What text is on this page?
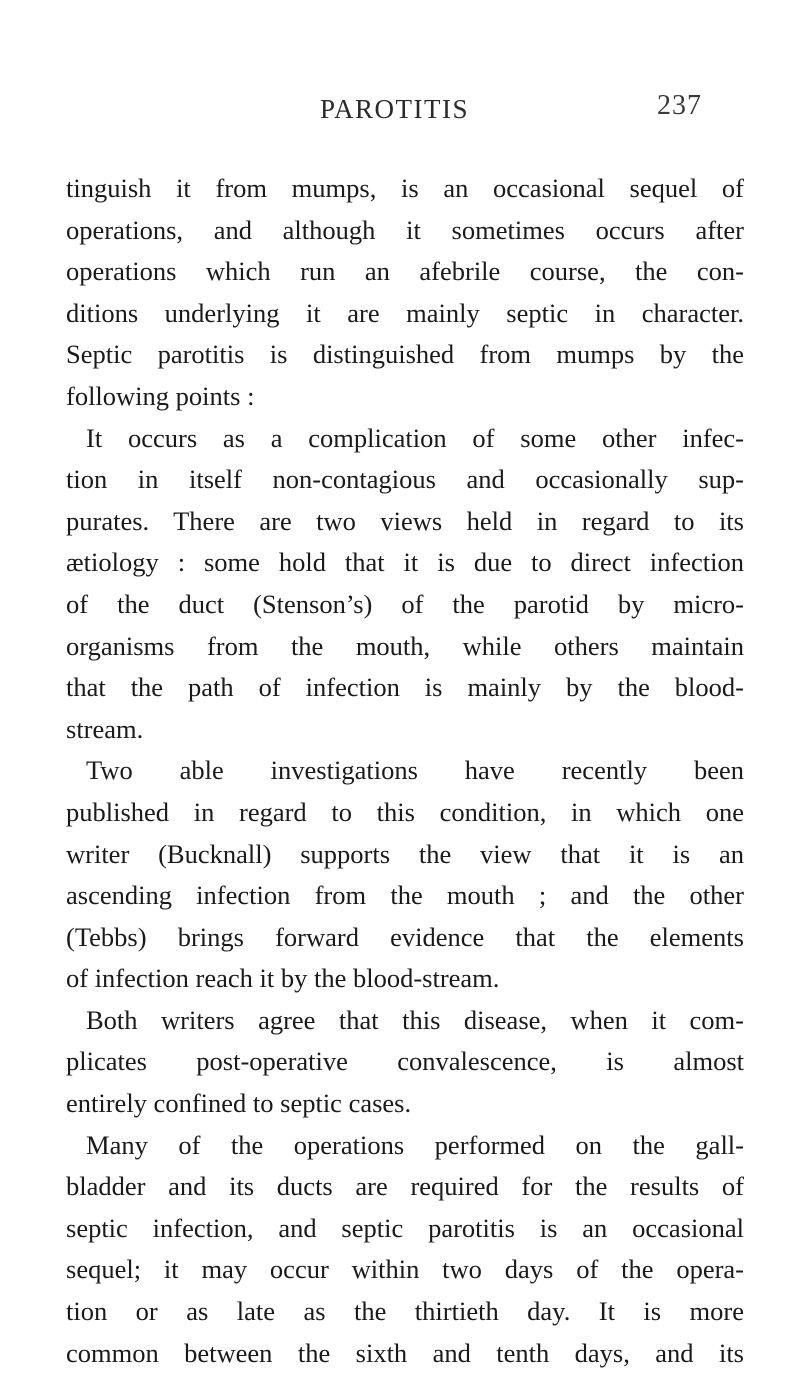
PAROTITIS	237
tinguish it from mumps, is an occasional sequel of
operations, and although it sometimes occurs after
operations which run an afebrile course, the con-
ditions underlying it are mainly septic in character.
Septic parotitis is distinguished from mumps by the
following points :
It occurs as a complication of some other infec-
tion in itself non-contagious and occasionally sup-
purates. There are two views held in regard to its
ætiology : some hold that it is due to direct infection
of the duct (Stenson’s) of the parotid by micro-
organisms from the mouth, while others maintain
that the path of infection is mainly by the blood-
stream.
Two able investigations have recently been
published in regard to this condition, in which one
writer (Bucknall) supports the view that it is an
ascending infection from the mouth ; and the other
(Tebbs) brings forward evidence that the elements
of infection reach it by the blood-stream.
Both writers agree that this disease, when it com-
plicates post-operative convalescence, is almost
entirely confined to septic cases.
Many of the operations performed on the gall-
bladder and its ducts are required for the results of
septic infection, and septic parotitis is an occasional
sequel; it may occur within two days of the opera-
tion or as late as the thirtieth day. It is more
common between the sixth and tenth days, and its
